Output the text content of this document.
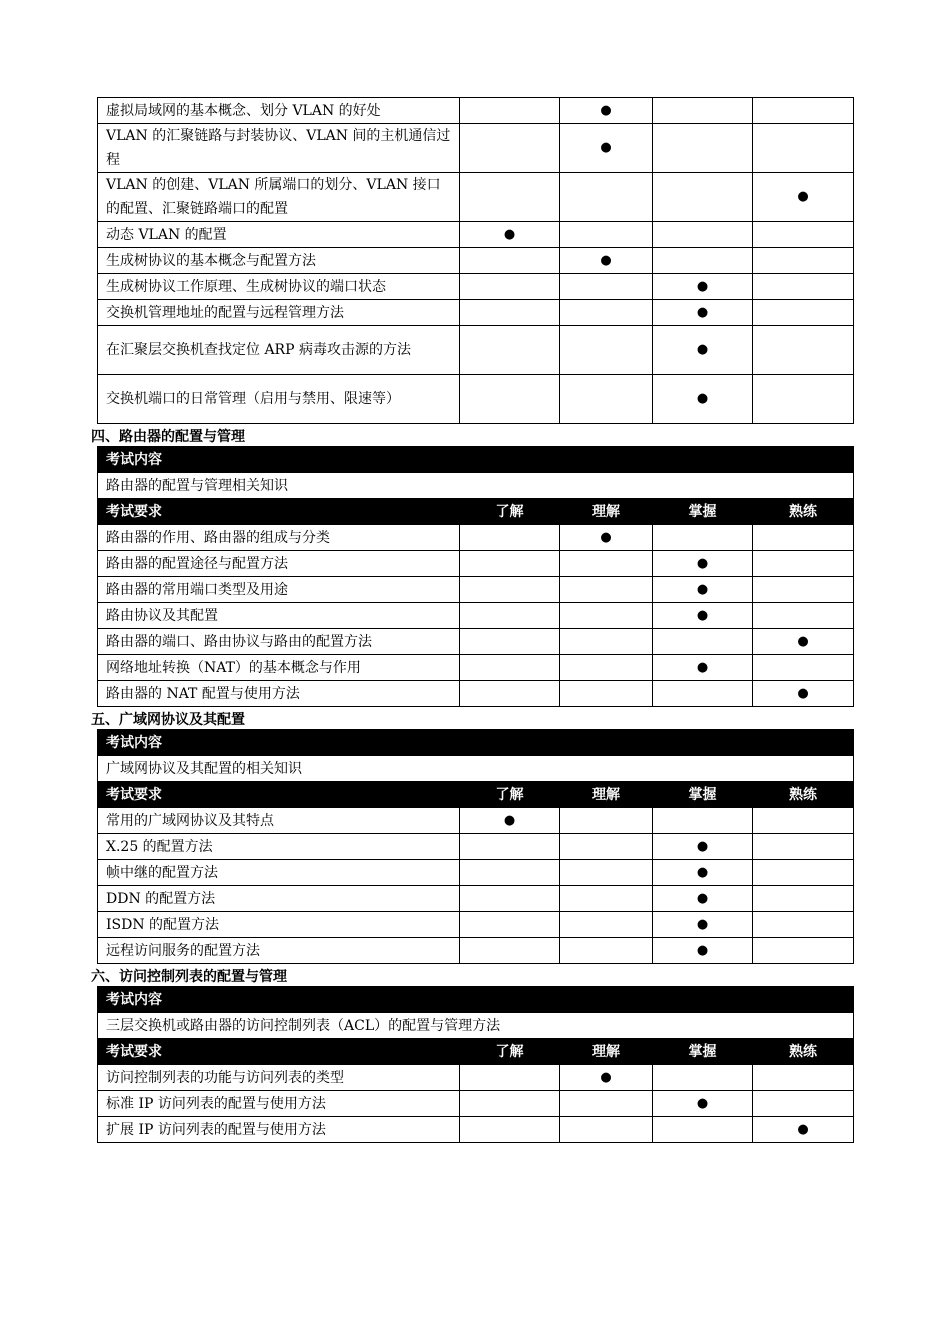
虚拟局域网的基本概念、划分 VLAN 的好处		●		
VLAN 的汇聚链路与封装协议、VLAN 间的主机通信过程		●		
VLAN 的创建、VLAN 所属端口的划分、VLAN 接口的配置、汇聚链路端口的配置				●
动态 VLAN 的配置	●			
生成树协议的基本概念与配置方法		●		
生成树协议工作原理、生成树协议的端口状态			●	
交换机管理地址的配置与远程管理方法			●	
在汇聚层交换机查找定位 ARP 病毒攻击源的方法			●	
交换机端口的日常管理（启用与禁用、限速等）			●	

四、路由器的配置与管理

考试内容				
路由器的配置与管理相关知识				
考试要求	了解	理解	掌握	熟练
路由器的作用、路由器的组成与分类		●		
路由器的配置途径与配置方法			●	
路由器的常用端口类型及用途			●	
路由协议及其配置			●	
路由器的端口、路由协议与路由的配置方法				●
网络地址转换（NAT）的基本概念与作用			●	
路由器的 NAT 配置与使用方法				●

五、广域网协议及其配置

考试内容				
广域网协议及其配置的相关知识				
考试要求	了解	理解	掌握	熟练
常用的广域网协议及其特点	●			
X.25 的配置方法			●	
帧中继的配置方法			●	
DDN 的配置方法			●	
ISDN 的配置方法			●	
远程访问服务的配置方法			●	

六、访问控制列表的配置与管理

考试内容				
三层交换机或路由器的访问控制列表（ACL）的配置与管理方法				
考试要求	了解	理解	掌握	熟练
访问控制列表的功能与访问列表的类型		●		
标准 IP 访问列表的配置与使用方法			●	
扩展 IP 访问列表的配置与使用方法				●
